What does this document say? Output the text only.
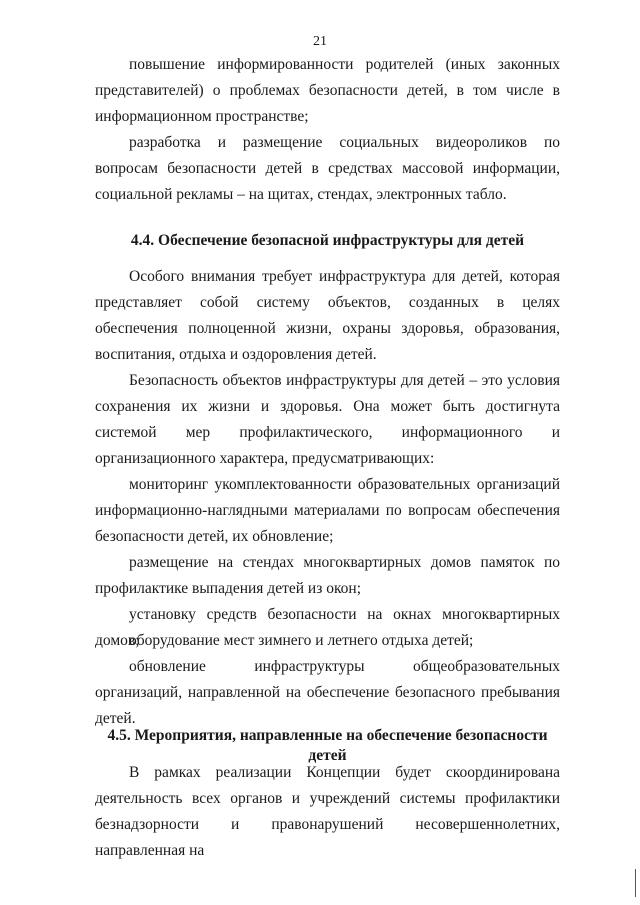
21

повышение информированности родителей (иных законных представителей) о проблемах безопасности детей, в том числе в информационном пространстве;

разработка и размещение социальных видеороликов по вопросам безопасности детей в средствах массовой информации, социальной рекламы – на щитах, стендах, электронных табло.

4.4. Обеспечение безопасной инфраструктуры для детей

Особого внимания требует инфраструктура для детей, которая представляет собой систему объектов, созданных в целях обеспечения полноценной жизни, охраны здоровья, образования, воспитания, отдыха и оздоровления детей.

Безопасность объектов инфраструктуры для детей – это условия сохранения их жизни и здоровья. Она может быть достигнута системой мер профилактического, информационного и организационного характера, предусматривающих:

мониторинг укомплектованности образовательных организаций информационно-наглядными материалами по вопросам обеспечения безопасности детей, их обновление;

размещение на стендах многоквартирных домов памяток по профилактике выпадения детей из окон;

установку средств безопасности на окнах многоквартирных домов;

оборудование мест зимнего и летнего отдыха детей;

обновление инфраструктуры общеобразовательных организаций, направленной на обеспечение безопасного пребывания детей.

4.5. Мероприятия, направленные на обеспечение безопасности детей

В рамках реализации Концепции будет скоординирована деятельность всех органов и учреждений системы профилактики безнадзорности и правонарушений несовершеннолетних, направленная на
